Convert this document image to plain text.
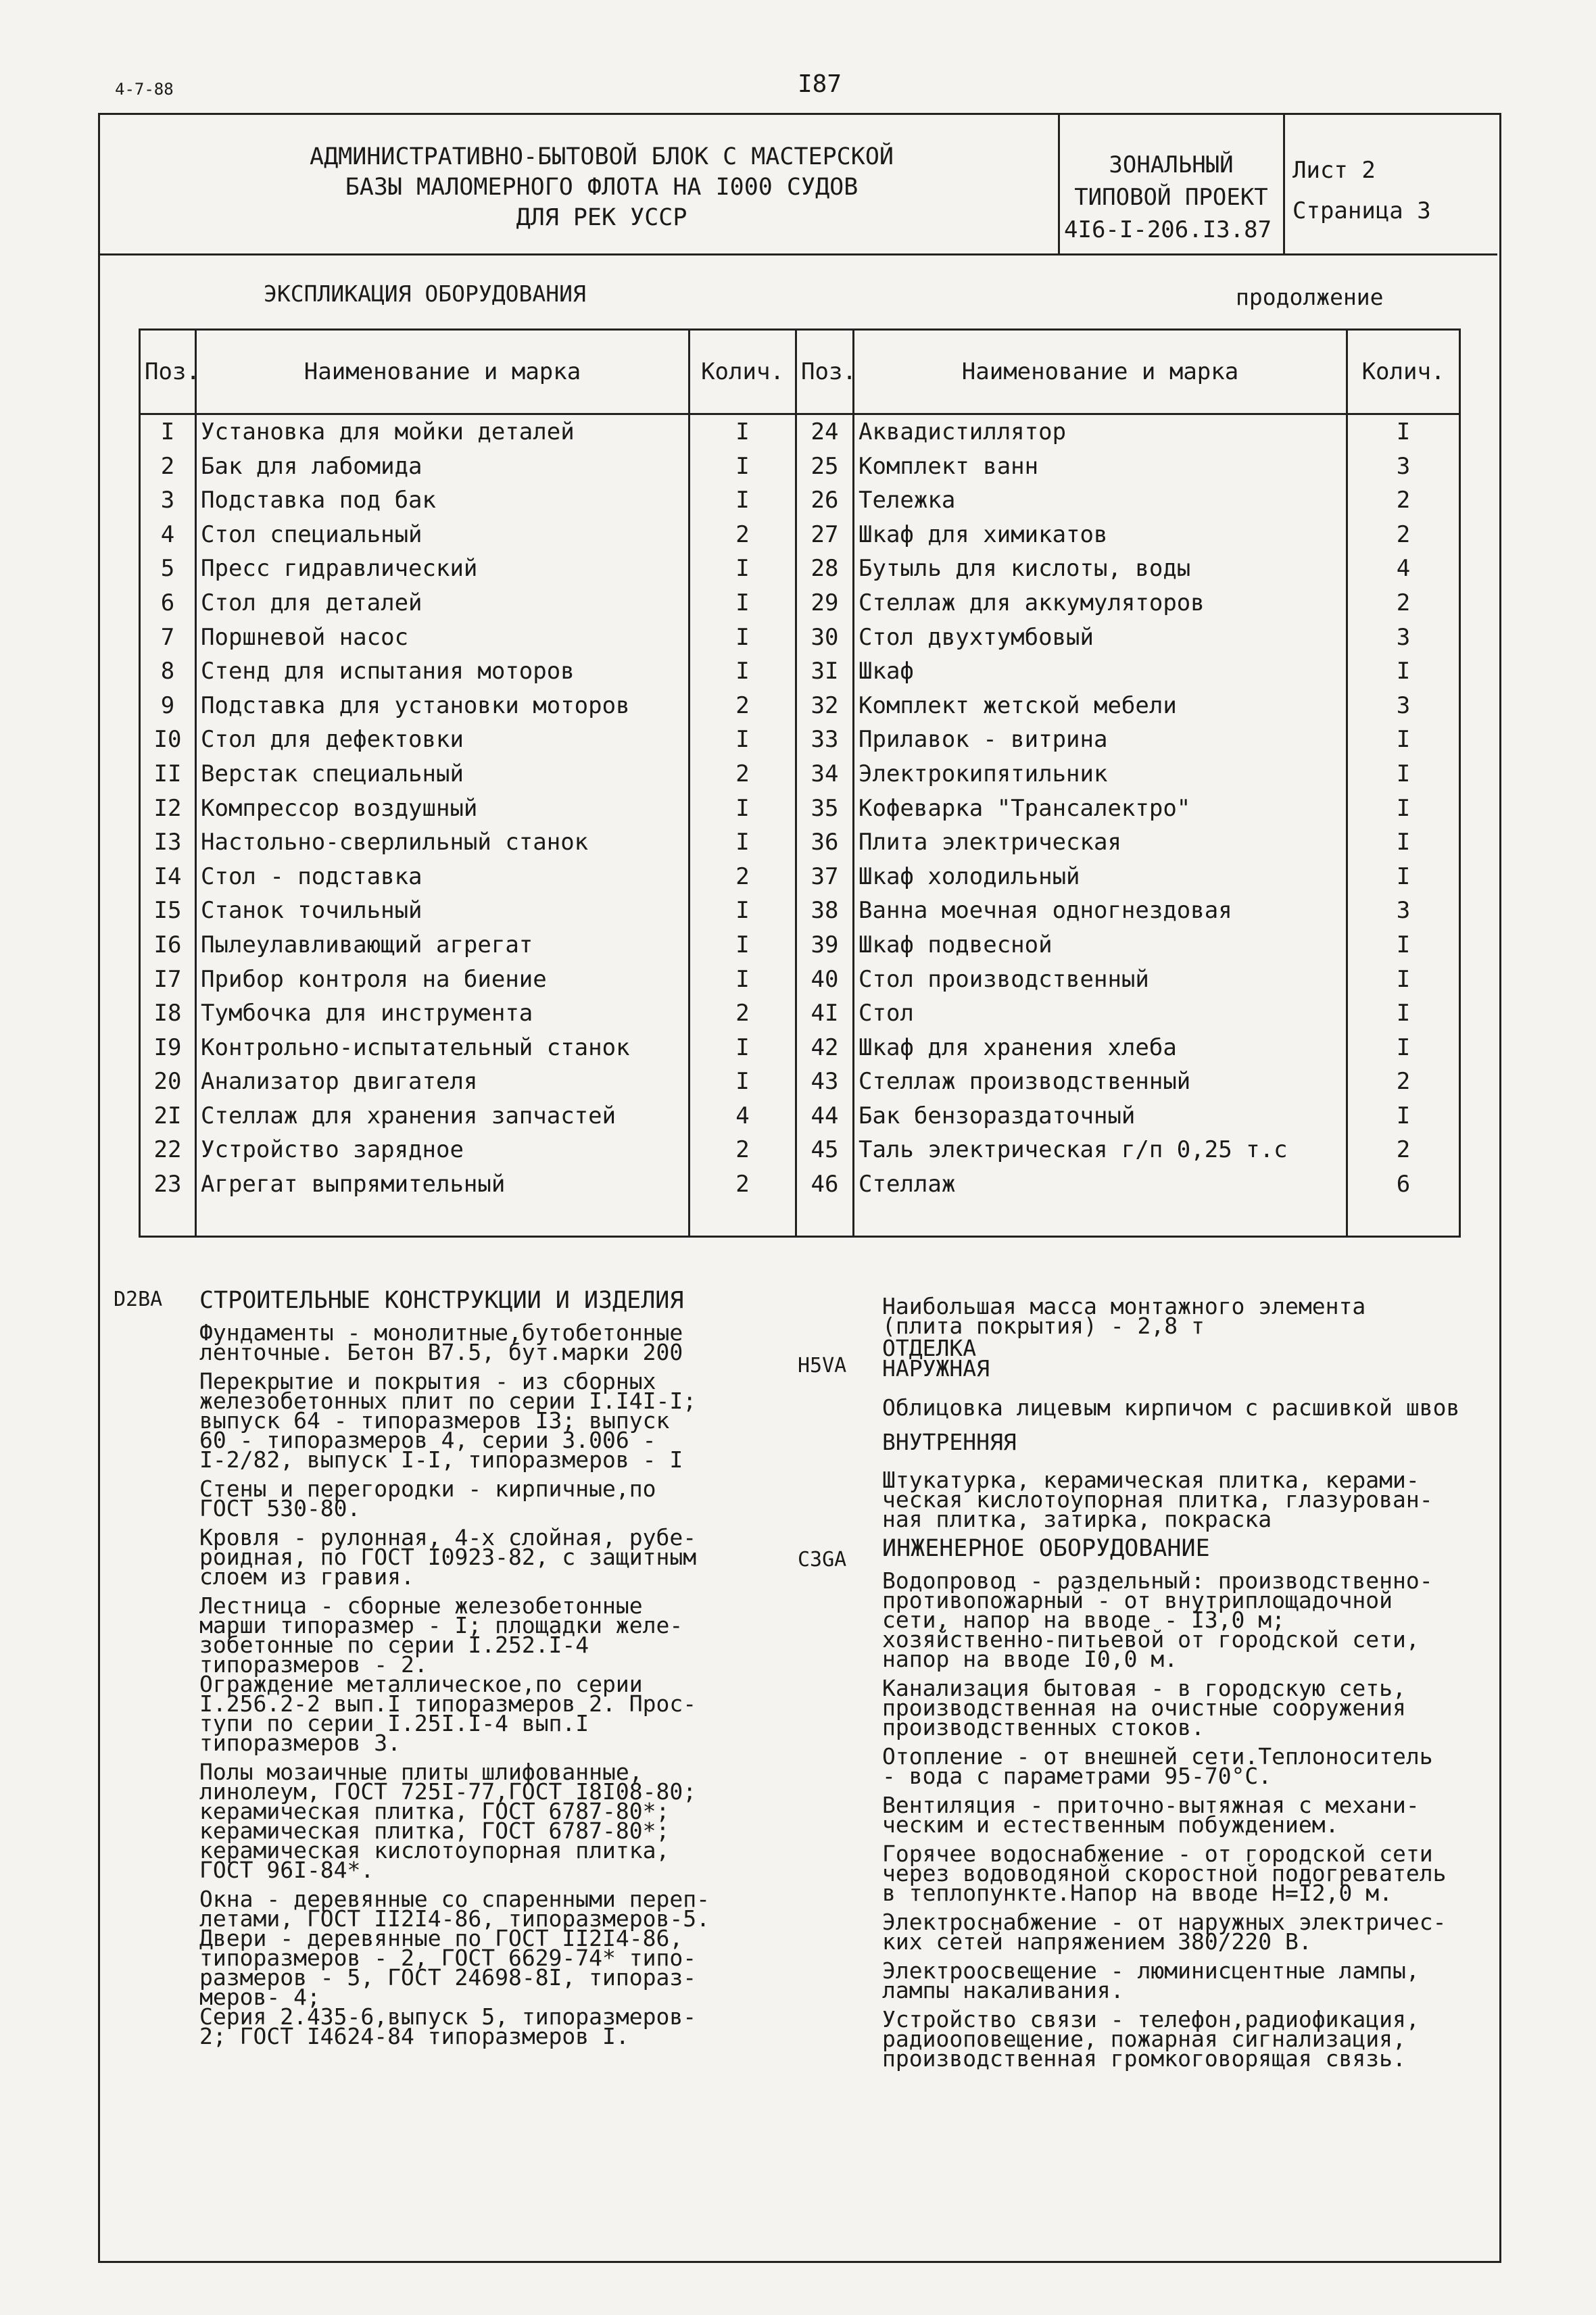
4-7-88	I87
АДМИНИСТРАТИВНО-БЫТОВОЙ БЛОК С МАСТЕРСКОЙ
БАЗЫ МАЛОМЕРНОГО ФЛОТА НА I000 СУДОВ
ДЛЯ РЕК УССР
ЗОНАЛЬНЫЙ
ТИПОВОЙ ПРОЕКТ
4I6-I-206.I3.87
Лист 2
Страница 3
ЭКСПЛИКАЦИЯ ОБОРУДОВАНИЯ	продолжение
Поз.	Наименование и марка	Колич.	Поз.	Наименование и марка	Колич.
I	Установка для мойки деталей	I	24	Аквадистиллятор	I
2	Бак для лабомида	I	25	Комплект ванн	3
3	Подставка под бак	I	26	Тележка	2
4	Стол специальный	2	27	Шкаф для химикатов	2
5	Пресс гидравлический	I	28	Бутыль для кислоты, воды	4
6	Стол для деталей	I	29	Стеллаж для аккумуляторов	2
7	Поршневой насос	I	30	Стол двухтумбовый	3
8	Стенд для испытания моторов	I	3I	Шкаф	I
9	Подставка для установки моторов	2	32	Комплект жетской мебели	3
I0	Стол для дефектовки	I	33	Прилавок - витрина	I
II	Верстак специальный	2	34	Электрокипятильник	I
I2	Компрессор воздушный	I	35	Кофеварка "Трансалектро"	I
I3	Настольно-сверлильный станок	I	36	Плита электрическая	I
I4	Стол - подставка	2	37	Шкаф холодильный	I
I5	Станок точильный	I	38	Ванна моечная одногнездовая	3
I6	Пылеулавливающий агрегат	I	39	Шкаф подвесной	I
I7	Прибор контроля на биение	I	40	Стол производственный	I
I8	Тумбочка для инструмента	2	4I	Стол	I
I9	Контрольно-испытательный станок	I	42	Шкаф для хранения хлеба	I
20	Анализатор двигателя	I	43	Стеллаж производственный	2
2I	Стеллаж для хранения запчастей	4	44	Бак бензораздаточный	I
22	Устройство зарядное	2	45	Таль электрическая г/п 0,25 т.с	2
23	Агрегат выпрямительный	2	46	Стеллаж	6

D2BA СТРОИТЕЛЬНЫЕ КОНСТРУКЦИИ И ИЗДЕЛИЯ
Фундаменты - монолитные,бутобетонные
ленточные. Бетон В7.5, бут.марки 200
Перекрытие и покрытия - из сборных
железобетонных плит по серии I.I4I-I;
выпуск 64 - типоразмеров I3; выпуск
60 - типоразмеров 4, серии 3.006 -
I-2/82, выпуск I-I, типоразмеров - I
Стены и перегородки - кирпичные,по
ГОСТ 530-80.
Кровля - рулонная, 4-х слойная, рубе-
роидная, по ГОСТ I0923-82, с защитным
слоем из гравия.
Лестница - сборные железобетонные
марши типоразмер - I; площадки желе-
зобетонные по серии I.252.I-4
типоразмеров - 2.
Ограждение металлическое,по серии
I.256.2-2 вып.I типоразмеров 2. Прос-
тупи по серии I.25I.I-4 вып.I
типоразмеров 3.
Полы мозаичные плиты шлифованные,
линолеум, ГОСТ 725I-77,ГОСТ I8I08-80;
керамическая плитка, ГОСТ 6787-80*;
керамическая плитка, ГОСТ 6787-80*;
керамическая кислотоупорная плитка,
ГОСТ 96I-84*.
Окна - деревянные со спаренными переп-
летами, ГОСТ II2I4-86, типоразмеров-5.
Двери - деревянные по ГОСТ II2I4-86,
типоразмеров - 2, ГОСТ 6629-74* типо-
размеров - 5, ГОСТ 24698-8I, типораз-
меров- 4;
Серия 2.435-6,выпуск 5, типоразмеров-
2; ГОСТ I4624-84 типоразмеров I.
H5VA
C3GA
Наибольшая масса монтажного элемента
(плита покрытия) - 2,8 т
ОТДЕЛКА
НАРУЖНАЯ
Облицовка лицевым кирпичом с расшивкой швов
ВНУТРЕННЯЯ
Штукатурка, керамическая плитка, керами-
ческая кислотоупорная плитка, глазурован-
ная плитка, затирка, покраска
ИНЖЕНЕРНОЕ ОБОРУДОВАНИЕ
Водопровод - раздельный: производственно-
противопожарный - от внутриплощадочной
сети, напор на вводе - I3,0 м;
хозяйственно-питьевой от городской сети,
напор на вводе I0,0 м.
Канализация бытовая - в городскую сеть,
производственная на очистные сооружения
производственных стоков.
Отопление - от внешней сети.Теплоноситель
- вода с параметрами 95-70°С.
Вентиляция - приточно-вытяжная с механи-
ческим и естественным побуждением.
Горячее водоснабжение - от городской сети
через водоводяной скоростной подогреватель
в теплопункте.Напор на вводе Н=I2,0 м.
Электроснабжение - от наружных электричес-
ких сетей напряжением 380/220 В.
Электроосвещение - люминисцентные лампы,
лампы накаливания.
Устройство связи - телефон,радиофикация,
радиооповещение, пожарная сигнализация,
производственная громкоговорящая связь.
